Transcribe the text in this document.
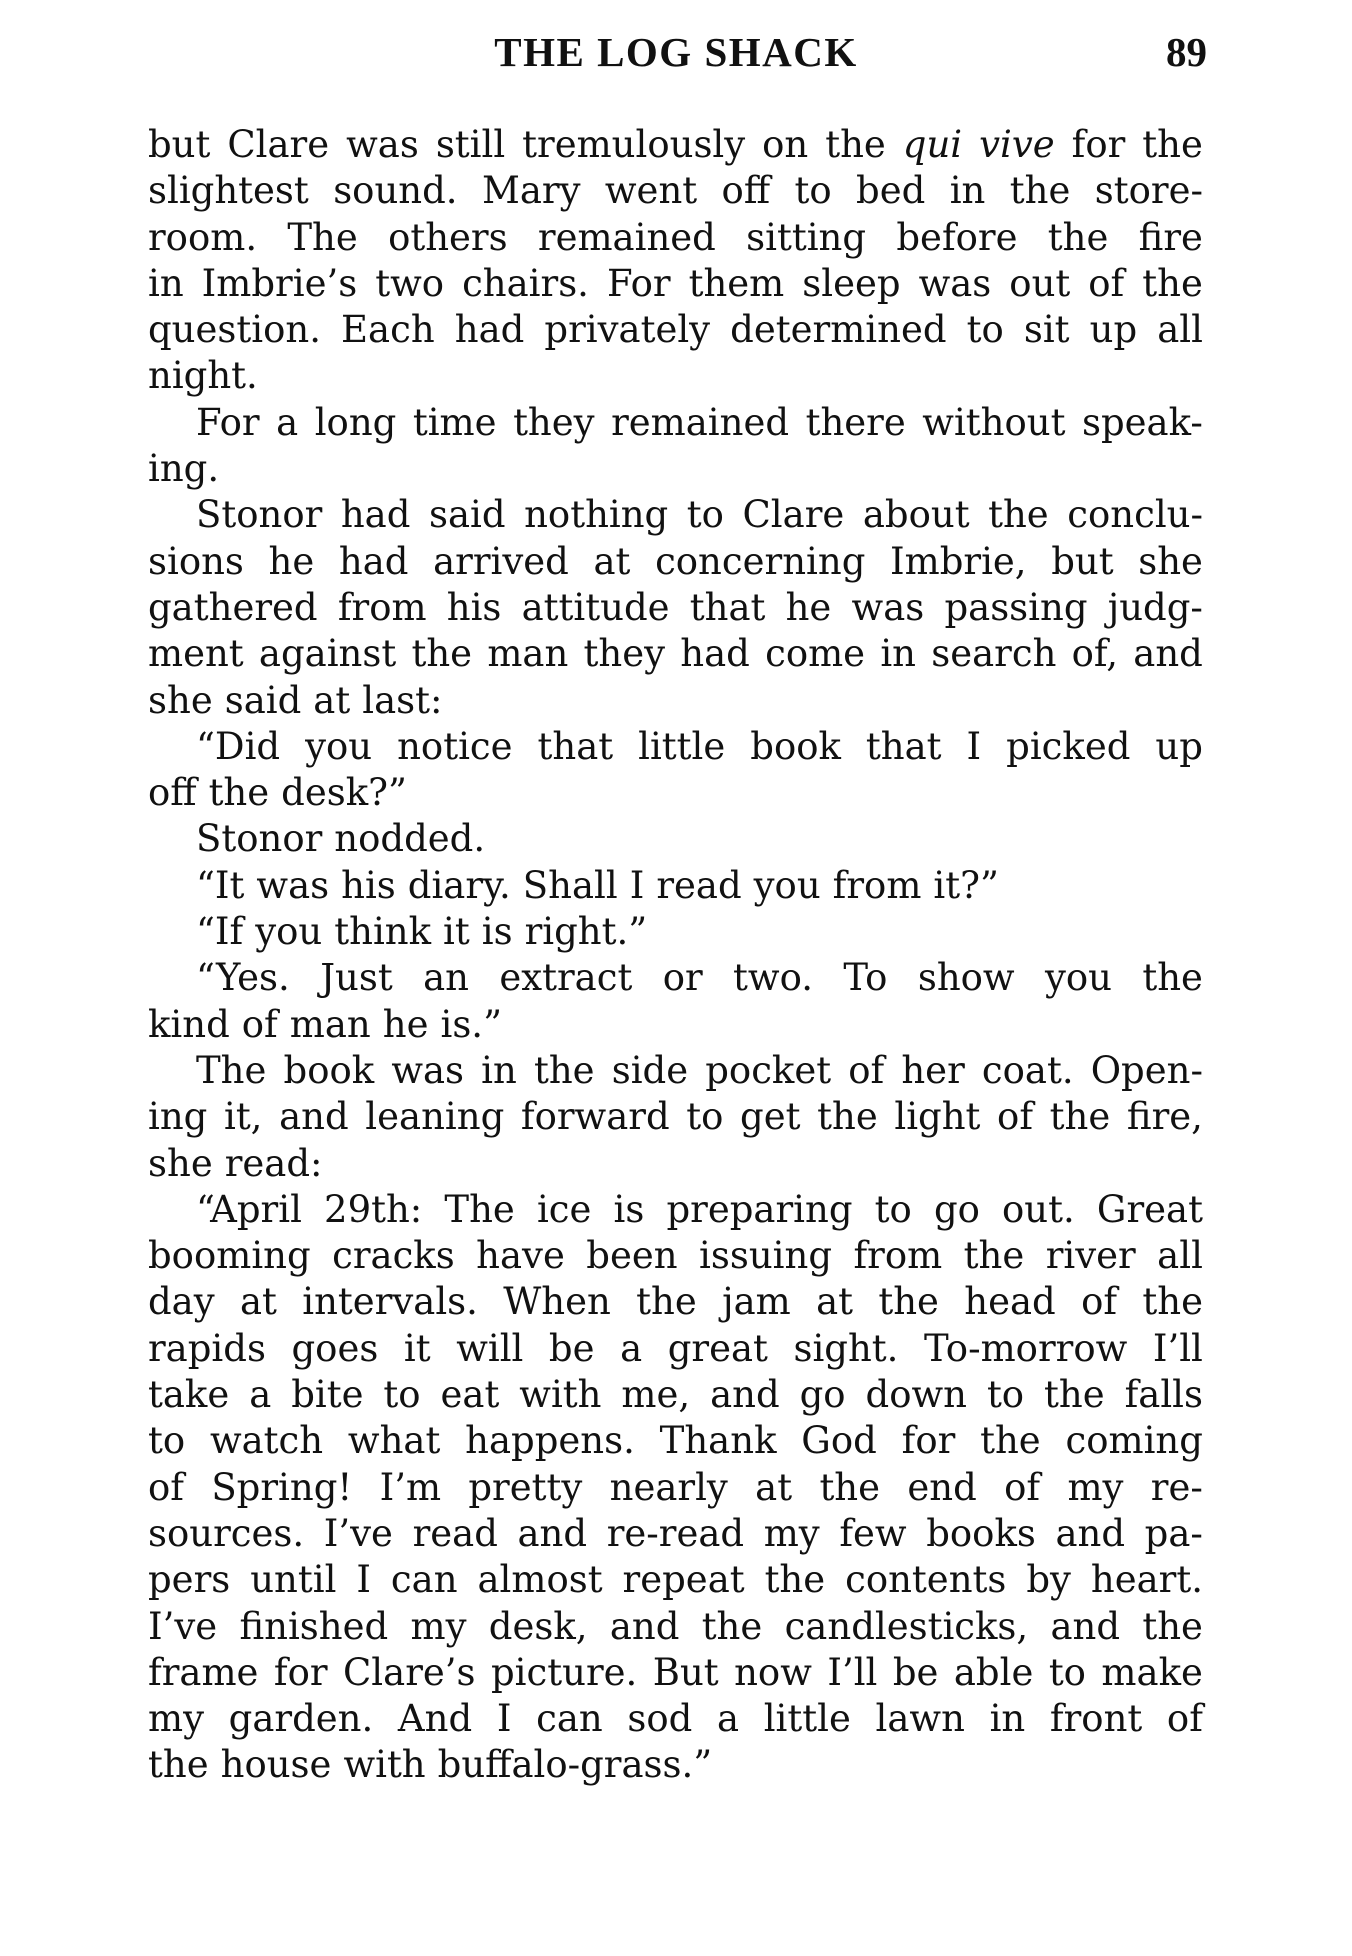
THE LOG SHACK	89
but Clare was still tremulously on the qui vive for the
slightest sound. Mary went off to bed in the store-
room. The others remained sitting before the fire
in Imbrie’s two chairs. For them sleep was out of the
question. Each had privately determined to sit up all
night.
For a long time they remained there without speak-
ing.
Stonor had said nothing to Clare about the conclu-
sions he had arrived at concerning Imbrie, but she
gathered from his attitude that he was passing judg-
ment against the man they had come in search of, and
she said at last:
“Did you notice that little book that I picked up
off the desk?”
Stonor nodded.
“It was his diary. Shall I read you from it?”
“If you think it is right.”
“Yes. Just an extract or two. To show you the
kind of man he is.”
The book was in the side pocket of her coat. Open-
ing it, and leaning forward to get the light of the fire,
she read:
“April 29th: The ice is preparing to go out. Great
booming cracks have been issuing from the river all
day at intervals. When the jam at the head of the
rapids goes it will be a great sight. To-morrow I’ll
take a bite to eat with me, and go down to the falls
to watch what happens. Thank God for the coming
of Spring! I’m pretty nearly at the end of my re-
sources. I’ve read and re-read my few books and pa-
pers until I can almost repeat the contents by heart.
I’ve finished my desk, and the candlesticks, and the
frame for Clare’s picture. But now I’ll be able to make
my garden. And I can sod a little lawn in front of
the house with buffalo-grass.”
